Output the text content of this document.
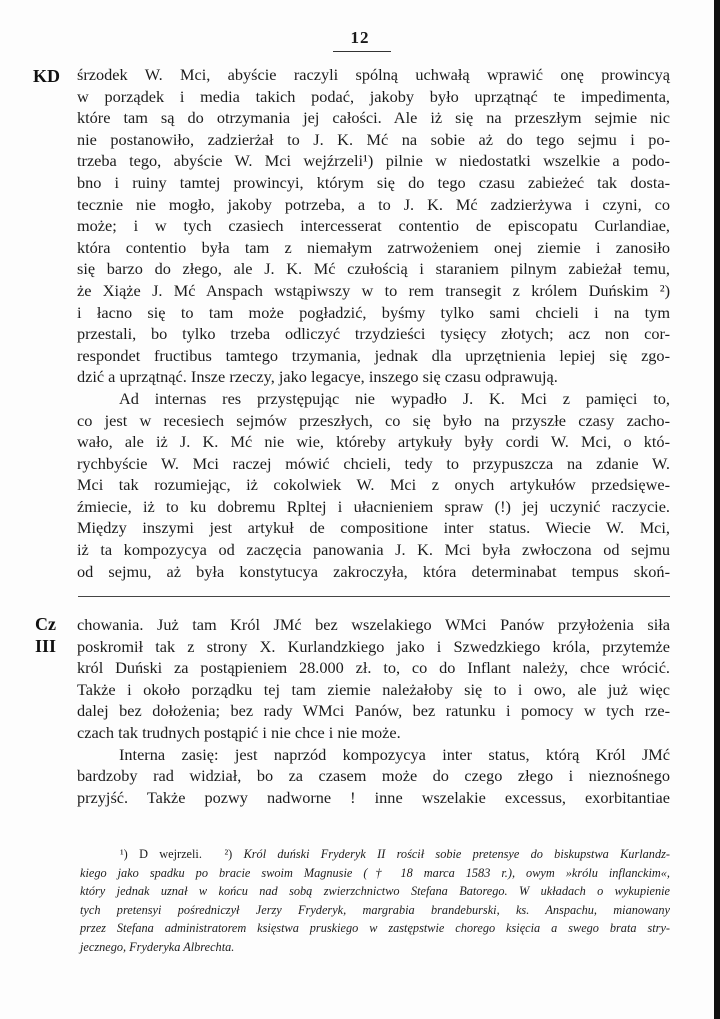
12
KD
Cz
III
śrzodek W. Mci, abyście raczyli spólną uchwałą wprawić onę prowincyą
w porządek i media takich podać, jakoby było uprzątnąć te impedimenta,
które tam są do otrzymania jej całości. Ale iż się na przeszłym sejmie nic
nie postanowiło, zadzierżał to J. K. Mć na sobie aż do tego sejmu i po-
trzeba tego, abyście W. Mci wejźrzeli¹) pilnie w niedostatki wszelkie a podo-
bno i ruiny tamtej prowincyi, którym się do tego czasu zabieżeć tak dosta-
tecznie nie mogło, jakoby potrzeba, a to J. K. Mć zadzierżywa i czyni, co
może; i w tych czasiech intercesserat contentio de episcopatu Curlandiae,
która contentio była tam z niemałym zatrwożeniem onej ziemie i zanosiło
się barzo do złego, ale J. K. Mć czułością i staraniem pilnym zabieżał temu,
że Xiąże J. Mć Anspach wstąpiwszy w to rem transegit z królem Duńskim ²)
i łacno się to tam może pogładzić, byśmy tylko sami chcieli i na tym
przestali, bo tylko trzeba odliczyć trzydzieści tysięcy złotych; acz non cor-
respondet fructibus tamtego trzymania, jednak dla uprzętnienia lepiej się zgo-
dzić a uprzątnąć. Insze rzeczy, jako legacye, inszego się czasu odprawują.
Ad internas res przystępując nie wypadło J. K. Mci z pamięci to,
co jest w recesiech sejmów przeszłych, co się było na przyszłe czasy zacho-
wało, ale iż J. K. Mć nie wie, któreby artykuły były cordi W. Mci, o któ-
rychbyście W. Mci raczej mówić chcieli, tedy to przypuszcza na zdanie W.
Mci tak rozumiejąc, iż cokolwiek W. Mci z onych artykułów przedsięwe-
źmiecie, iż to ku dobremu Rpltej i ułacnieniem spraw (!) jej uczynić raczycie.
Między inszymi jest artykuł de compositione inter status. Wiecie W. Mci,
iż ta kompozycya od zaczęcia panowania J. K. Mci była zwłoczona od sejmu
od sejmu, aż była konstytucya zakroczyła, która determinabat tempus skoń-
chowania. Już tam Król JMć bez wszelakiego WMci Panów przyłożenia siła
poskromił tak z strony X. Kurlandzkiego jako i Szwedzkiego króla, przytemże
król Duński za postąpieniem 28.000 zł. to, co do Inflant należy, chce wrócić.
Także i około porządku tej tam ziemie należałoby się to i owo, ale już więc
dalej bez dołożenia; bez rady WMci Panów, bez ratunku i pomocy w tych rze-
czach tak trudnych postąpić i nie chce i nie może.
Interna zasię: jest naprzód kompozycya inter status, którą Król JMć
bardzoby rad widział, bo za czasem może do czego złego i nieznośnego
przyjść. Także pozwy nadworne ! inne wszelakie excessus, exorbitantiae
¹) D wejrzeli. ²) Król duński Fryderyk II rościł sobie pretensye do biskupstwa Kurlandz-
kiego jako spadku po bracie swoim Magnusie († 18 marca 1583 r.), owym »królu inflanckim«,
który jednak uznał w końcu nad sobą zwierzchnictwo Stefana Batorego. W układach o wykupienie
tych pretensyi pośredniczył Jerzy Fryderyk, margrabia brandeburski, ks. Anspachu, mianowany
przez Stefana administratorem księstwa pruskiego w zastępstwie chorego księcia a swego brata stry-
jecznego, Fryderyka Albrechta.
